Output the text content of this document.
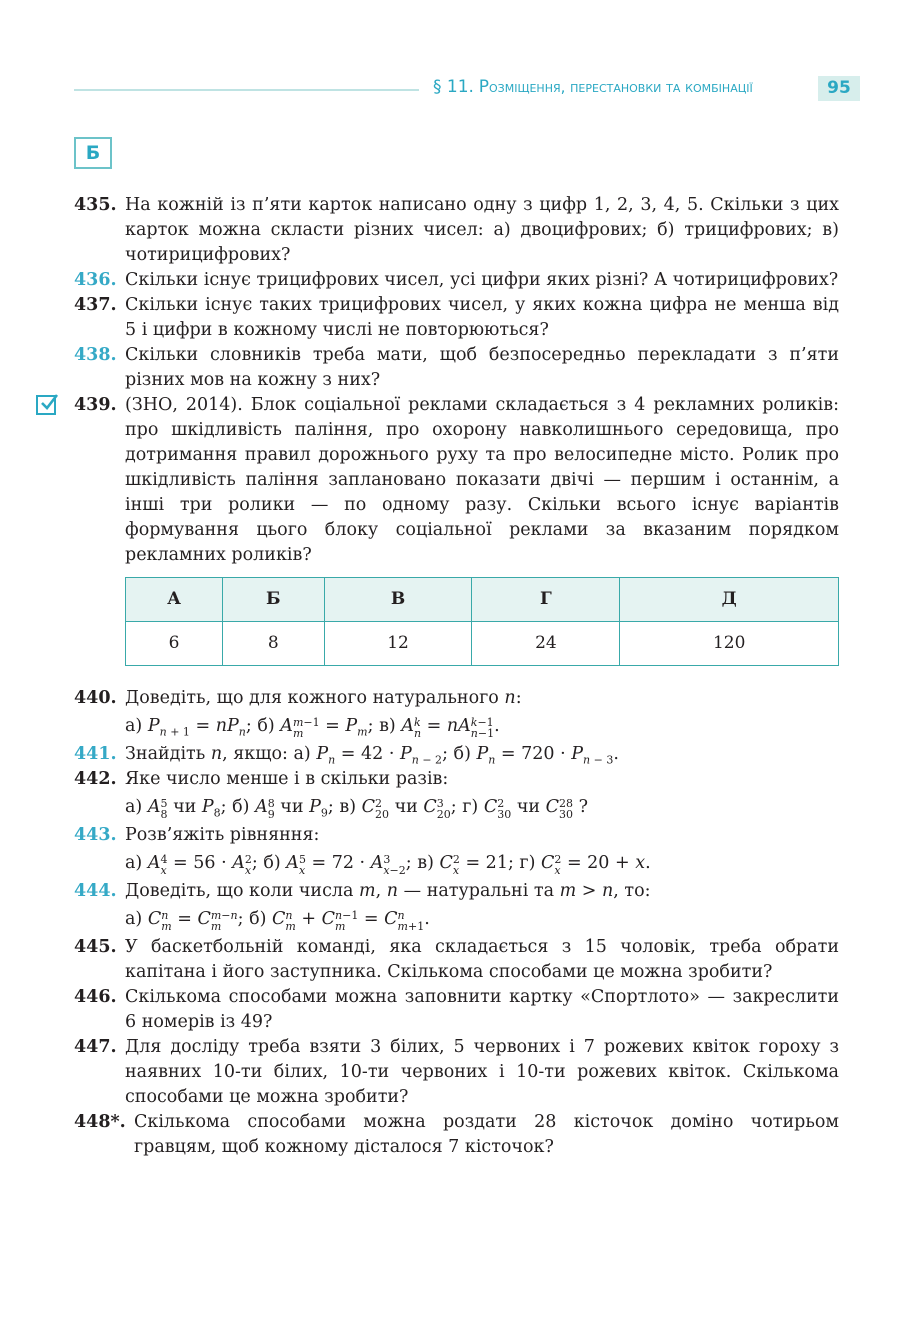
§ 11. Розміщення, перестановки та комбінації	95
Б
435. На кожній із п’яти карток написано одну з цифр 1, 2, 3, 4, 5. Скільки з цих карток можна скласти різних чисел: а) двоцифрових; б) трицифрових; в) чотирицифрових?
436. Скільки існує трицифрових чисел, усі цифри яких різні? А чотирицифрових?
437. Скільки існує таких трицифрових чисел, у яких кожна цифра не менша від 5 і цифри в кожному числі не повторюються?
438. Скільки словників треба мати, щоб безпосередньо перекладати з п’яти різних мов на кожну з них?
439. (ЗНО, 2014). Блок соціальної реклами складається з 4 рекламних роликів: про шкідливість паління, про охорону навколишнього середовища, про дотримання правил дорожнього руху та про велосипедне місто. Ролик про шкідливість паління заплановано показати двічі — першим і останнім, а інші три ролики — по одному разу. Скільки всього існує варіантів формування цього блоку соціальної реклами за вказаним порядком рекламних роликів?
А	Б	В	Г	Д
6	8	12	24	120
440. Доведіть, що для кожного натурального n:
а) $P_{n + 1} = nP_n$; б) A m−1
$m = P_m$; в) A k
n = nA k−1
n−1 .
441. Знайдіть n, якщо: а) $P_n = 42 \cdot P_{n - 2}$; б) $P_n = 720 \cdot P_{n - 3}$.
442. Яке число менше і в скільки разів:
а) A 5
8 чи $P_8$; б) A 8
9 чи $P_9$; в) C 2
20 чи C 3
20 ; г) C 2
30 чи C 28
30 ?
443. Розв’яжіть рівняння:
а) A 4
x = 56 · A 2
x ; б) A 5
x = 72 · A 3
x−2 ; в) C 2
x = 21; г) C 2
x = 20 + x.
444. Доведіть, що коли числа m, n — натуральні та m > n, то:
а) C n
m = C m−n
m ; б) C n
m + C n−1
m = C n
m+1 .
445. У баскетбольній команді, яка складається з 15 чоловік, треба обрати капітана і його заступника. Скількома способами це можна зробити?
446. Скількома способами можна заповнити картку «Спортлото» — закреслити 6 номерів із 49?
447. Для досліду треба взяти 3 білих, 5 червоних і 7 рожевих квіток гороху з наявних 10-ти білих, 10-ти червоних і 10-ти рожевих квіток. Скількома способами це можна зробити?
448*. Скількома способами можна роздати 28 кісточок доміно чотирьом гравцям, щоб кожному дісталося 7 кісточок?
